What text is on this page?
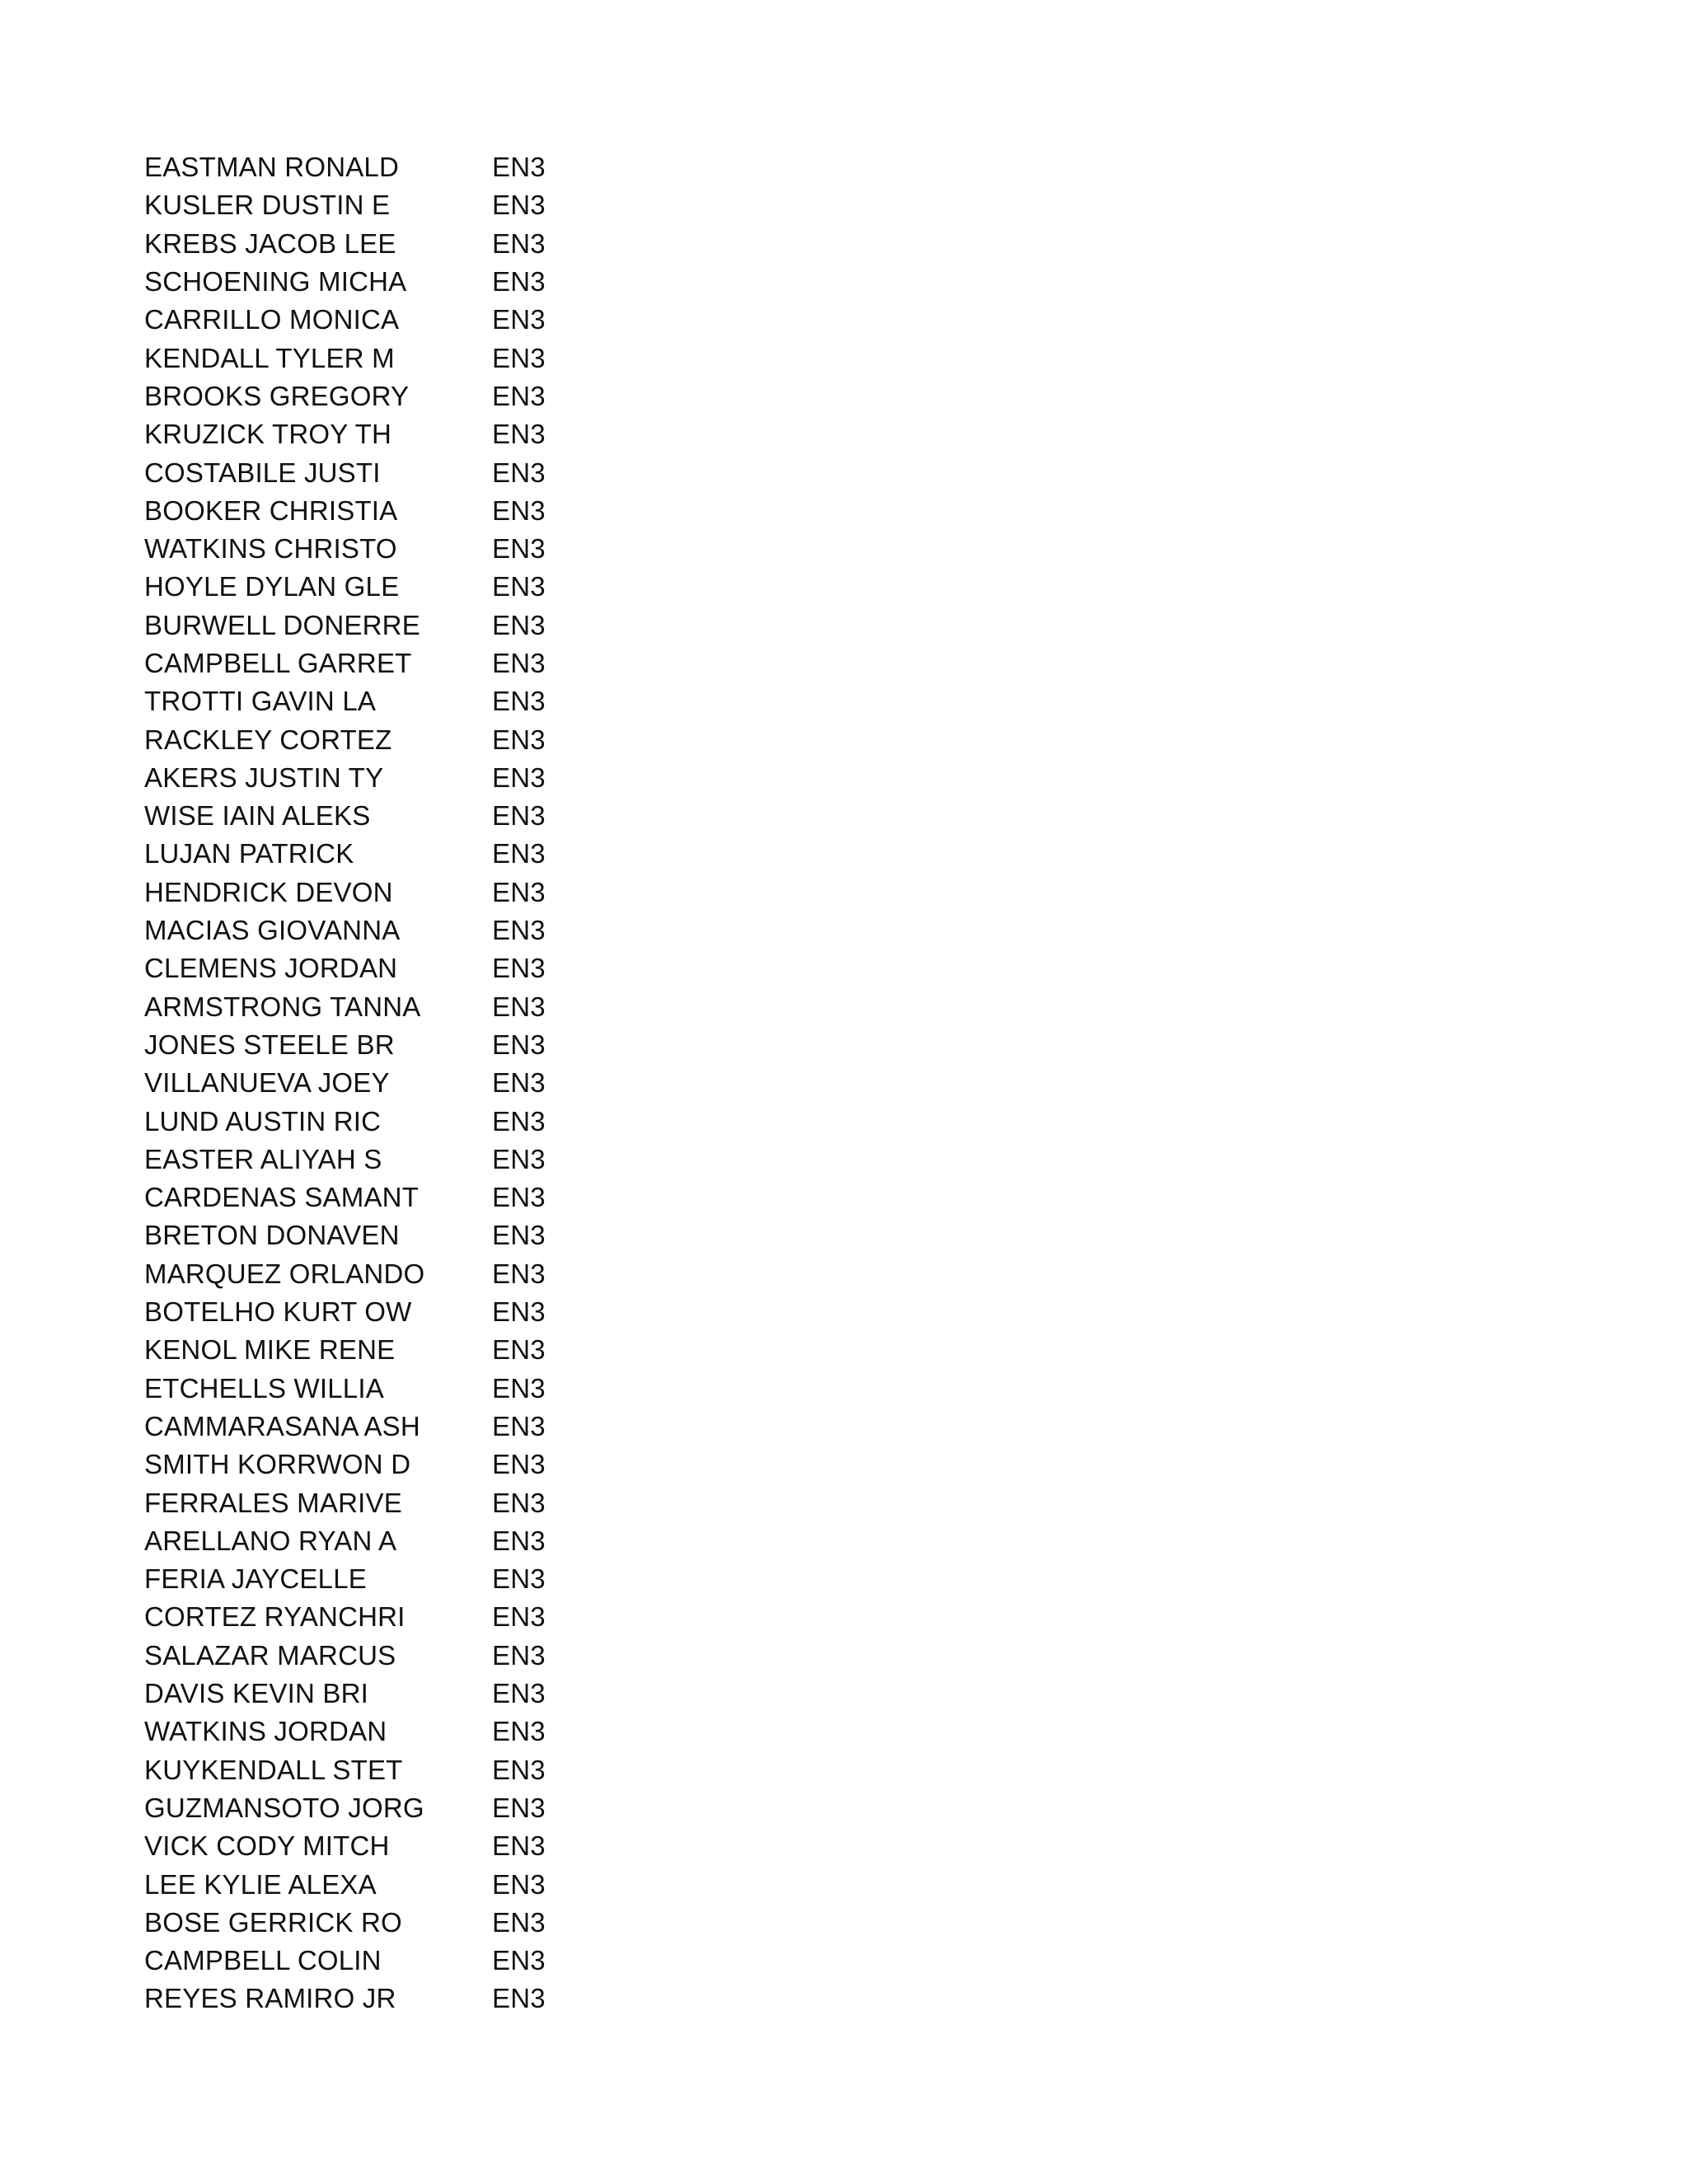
EASTMAN RONALD	EN3
KUSLER DUSTIN E	EN3
KREBS JACOB LEE	EN3
SCHOENING MICHA	EN3
CARRILLO MONICA	EN3
KENDALL TYLER M	EN3
BROOKS GREGORY	EN3
KRUZICK TROY TH	EN3
COSTABILE JUSTI	EN3
BOOKER CHRISTIA	EN3
WATKINS CHRISTO	EN3
HOYLE DYLAN GLE	EN3
BURWELL DONERRE	EN3
CAMPBELL GARRET	EN3
TROTTI GAVIN LA	EN3
RACKLEY CORTEZ	EN3
AKERS JUSTIN TY	EN3
WISE IAIN ALEKS	EN3
LUJAN PATRICK	EN3
HENDRICK DEVON	EN3
MACIAS GIOVANNA	EN3
CLEMENS JORDAN	EN3
ARMSTRONG TANNA	EN3
JONES STEELE BR	EN3
VILLANUEVA JOEY	EN3
LUND AUSTIN RIC	EN3
EASTER ALIYAH S	EN3
CARDENAS SAMANT	EN3
BRETON DONAVEN	EN3
MARQUEZ ORLANDO	EN3
BOTELHO KURT OW	EN3
KENOL MIKE RENE	EN3
ETCHELLS WILLIA	EN3
CAMMARASANA ASH	EN3
SMITH KORRWON D	EN3
FERRALES MARIVE	EN3
ARELLANO RYAN A	EN3
FERIA JAYCELLE	EN3
CORTEZ RYANCHRI	EN3
SALAZAR MARCUS	EN3
DAVIS KEVIN BRI	EN3
WATKINS JORDAN	EN3
KUYKENDALL STET	EN3
GUZMANSOTO JORG	EN3
VICK CODY MITCH	EN3
LEE KYLIE ALEXA	EN3
BOSE GERRICK RO	EN3
CAMPBELL COLIN	EN3
REYES RAMIRO JR	EN3
